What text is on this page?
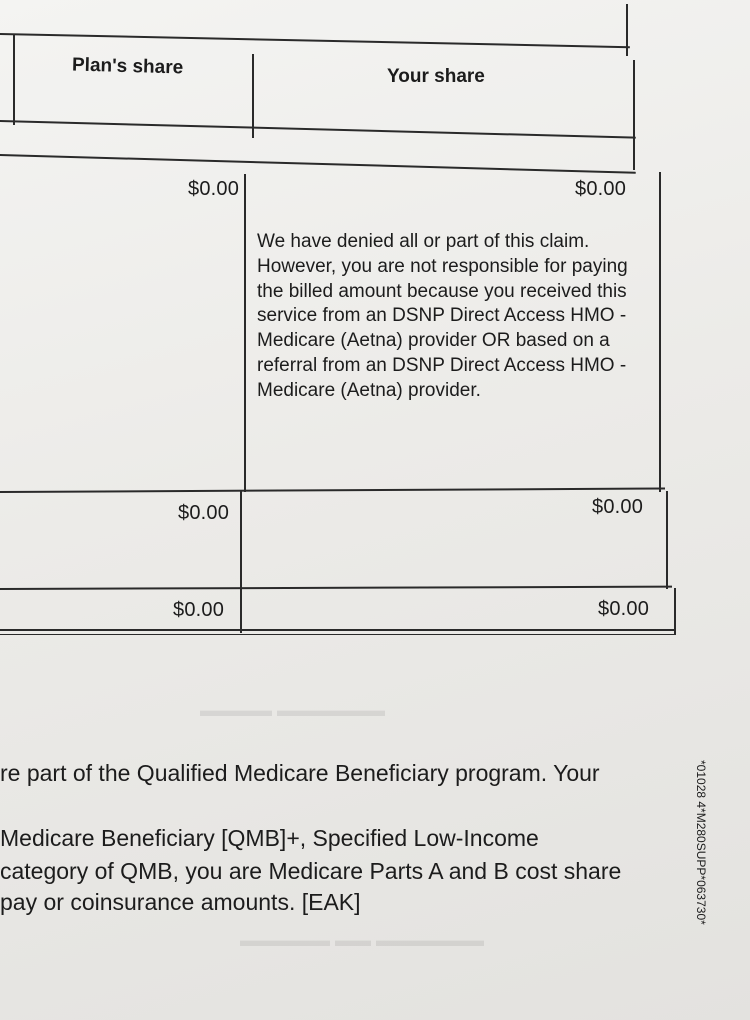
Plan's share	Your share
$0.00	$0.00

We have denied all or part of this claim. However, you are not responsible for paying the billed amount because you received this service from an DSNP Direct Access HMO - Medicare (Aetna) provider OR based on a referral from an DSNP Direct Access HMO - Medicare (Aetna) provider.

$0.00	$0.00
$0.00	$0.00
▬▬▬▬ ▬▬▬▬▬▬
▬▬▬▬▬ ▬▬ ▬▬▬▬▬▬
re part of the Qualified Medicare Beneficiary program. Your
Medicare Beneficiary [QMB]+, Specified Low-Income
category of QMB, you are Medicare Parts A and B cost share
pay or coinsurance amounts. [EAK]	*01028 4*M280SUPP*063730*
